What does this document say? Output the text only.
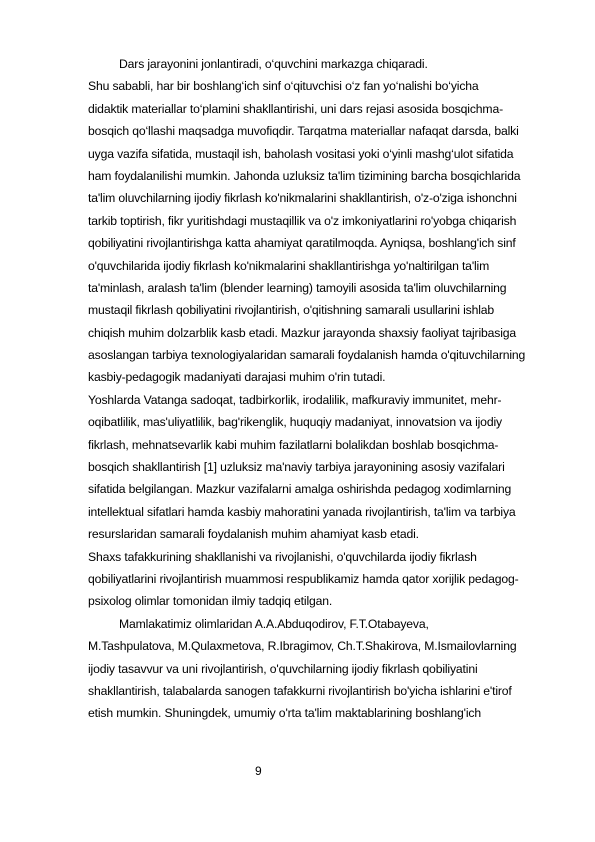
Dars jarayonini jonlantiradi, o‘quvchini markazga chiqaradi.
Shu sababli, har bir boshlang‘ich sinf o‘qituvchisi o‘z fan yo‘nalishi bo‘yicha
didaktik materiallar to‘plamini shakllantirishi, uni dars rejasi asosida bosqichma-
bosqich qo‘llashi maqsadga muvofiqdir. Tarqatma materiallar nafaqat darsda, balki
uyga vazifa sifatida, mustaqil ish, baholash vositasi yoki o‘yinli mashg‘ulot sifatida
ham foydalanilishi mumkin. Jahonda uzluksiz ta'lim tizimining barcha bosqichlarida
ta'lim oluvchilarning ijodiy fikrlash ko'nikmalarini shakllantirish, o'z-o'ziga ishonchni
tarkib toptirish, fikr yuritishdagi mustaqillik va o'z imkoniyatlarini ro'yobga chiqarish
qobiliyatini rivojlantirishga katta ahamiyat qaratilmoqda. Ayniqsa, boshlang'ich sinf
o'quvchilarida ijodiy fikrlash ko'nikmalarini shakllantirishga yo'naltirilgan ta'lim
ta'minlash, aralash ta'lim (blender learning) tamoyili asosida ta'lim oluvchilarning
mustaqil fikrlash qobiliyatini rivojlantirish, o'qitishning samarali usullarini ishlab
chiqish muhim dolzarblik kasb etadi. Mazkur jarayonda shaxsiy faoliyat tajribasiga
asoslangan tarbiya texnologiyalaridan samarali foydalanish hamda o'qituvchilarning
kasbiy-pedagogik madaniyati darajasi muhim o'rin tutadi.
Yoshlarda Vatanga sadoqat, tadbirkorlik, irodalilik, mafkuraviy immunitet, mehr-
oqibatlilik, mas'uliyatlilik, bag'rikenglik, huquqiy madaniyat, innovatsion va ijodiy
fikrlash, mehnatsevarlik kabi muhim fazilatlarni bolalikdan boshlab bosqichma-
bosqich shakllantirish [1] uzluksiz ma'naviy tarbiya jarayonining asosiy vazifalari
sifatida belgilangan. Mazkur vazifalarni amalga oshirishda pedagog xodimlarning
intellektual sifatlari hamda kasbiy mahoratini yanada rivojlantirish, ta'lim va tarbiya
resurslaridan samarali foydalanish muhim ahamiyat kasb etadi.
Shaxs tafakkurining shakllanishi va rivojlanishi, o'quvchilarda ijodiy fikrlash
qobiliyatlarini rivojlantirish muammosi respublikamiz hamda qator xorijlik pedagog-
psixolog olimlar tomonidan ilmiy tadqiq etilgan.
Mamlakatimiz olimlaridan A.A.Abduqodirov, F.T.Otabayeva,
M.Tashpulatova, M.Qulaxmetova, R.Ibragimov, Ch.T.Shakirova, M.Ismailovlarning
ijodiy tasavvur va uni rivojlantirish, o'quvchilarning ijodiy fikrlash qobiliyatini
shakllantirish, talabalarda sanogen tafakkurni rivojlantirish bo'yicha ishlarini e'tirof
etish mumkin. Shuningdek, umumiy o'rta ta'lim maktablarining boshlang'ich
9
